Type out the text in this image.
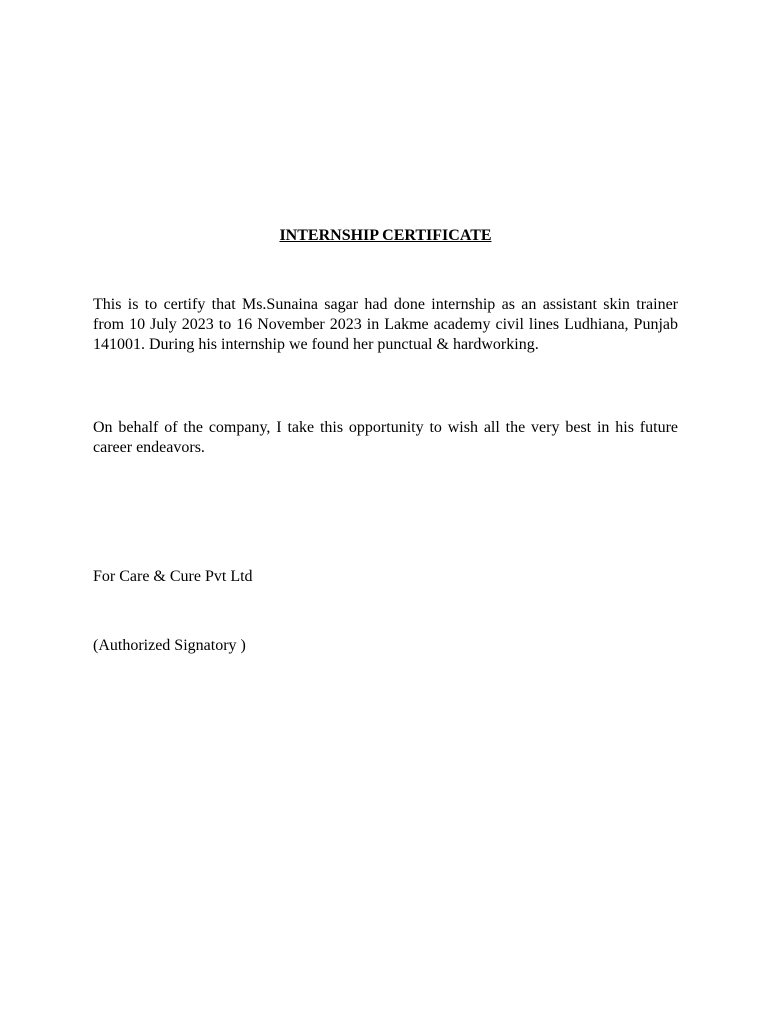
INTERNSHIP CERTIFICATE

This is to certify that Ms.Sunaina sagar had done internship as an assistant skin trainer from 10 July 2023 to 16 November 2023 in Lakme academy civil lines Ludhiana, Punjab 141001. During his internship we found her punctual & hardworking.

On behalf of the company, I take this opportunity to wish all the very best in his future career endeavors.

For Care & Cure Pvt Ltd

(Authorized Signatory )
